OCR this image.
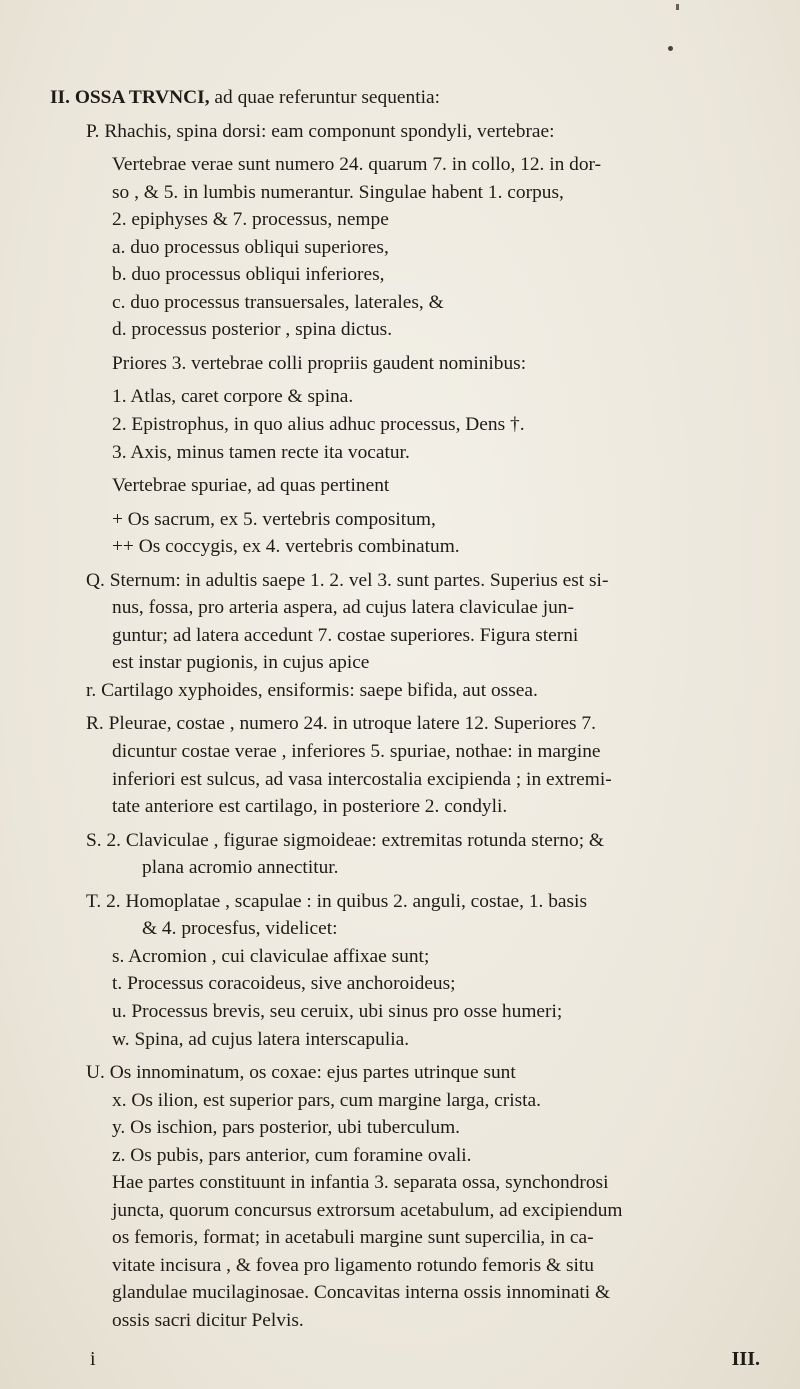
II. OSSA TRVNCI, ad quae referuntur sequentia:
P. Rhachis, spina dorsi: eam componunt spondyli, vertebrae:
Vertebrae verae sunt numero 24. quarum 7. in collo, 12. in dor-
so , & 5. in lumbis numerantur. Singulae habent 1. corpus,
2. epiphyses & 7. processus, nempe
a. duo processus obliqui superiores,
b. duo processus obliqui inferiores,
c. duo processus transuersales, laterales, &
d. processus posterior , spina dictus.
Priores 3. vertebrae colli propriis gaudent nominibus:
1. Atlas, caret corpore & spina.
2. Epistrophus, in quo alius adhuc processus, Dens †.
3. Axis, minus tamen recte ita vocatur.
Vertebrae spuriae, ad quas pertinent
+ Os sacrum, ex 5. vertebris compositum,
++ Os coccygis, ex 4. vertebris combinatum.
Q. Sternum: in adultis saepe 1. 2. vel 3. sunt partes. Superius est si-
nus, fossa, pro arteria aspera, ad cujus latera claviculae jun-
guntur; ad latera accedunt 7. costae superiores. Figura sterni
est instar pugionis, in cujus apice
r. Cartilago xyphoides, ensiformis: saepe bifida, aut ossea.
R. Pleurae, costae , numero 24. in utroque latere 12. Superiores 7.
dicuntur costae verae , inferiores 5. spuriae, nothae: in margine
inferiori est sulcus, ad vasa intercostalia excipienda ; in extremi-
tate anteriore est cartilago, in posteriore 2. condyli.
S. 2. Claviculae , figurae sigmoideae: extremitas rotunda sterno; &
plana acromio annectitur.
T. 2. Homoplatae , scapulae : in quibus 2. anguli, costae, 1. basis
& 4. procesfus, videlicet:
s. Acromion , cui claviculae affixae sunt;
t. Processus coracoideus, sive anchoroideus;
u. Processus brevis, seu ceruix, ubi sinus pro osse humeri;
w. Spina, ad cujus latera interscapulia.
U. Os innominatum, os coxae: ejus partes utrinque sunt
x. Os ilion, est superior pars, cum margine larga, crista.
y. Os ischion, pars posterior, ubi tuberculum.
z. Os pubis, pars anterior, cum foramine ovali.
Hae partes constituunt in infantia 3. separata ossa, synchondrosi
juncta, quorum concursus extrorsum acetabulum, ad excipiendum
os femoris, format; in acetabuli margine sunt supercilia, in ca-
vitate incisura , & fovea pro ligamento rotundo femoris & situ
glandulae mucilaginosae. Concavitas interna ossis innominati &
ossis sacri dicitur Pelvis.
i	III.
